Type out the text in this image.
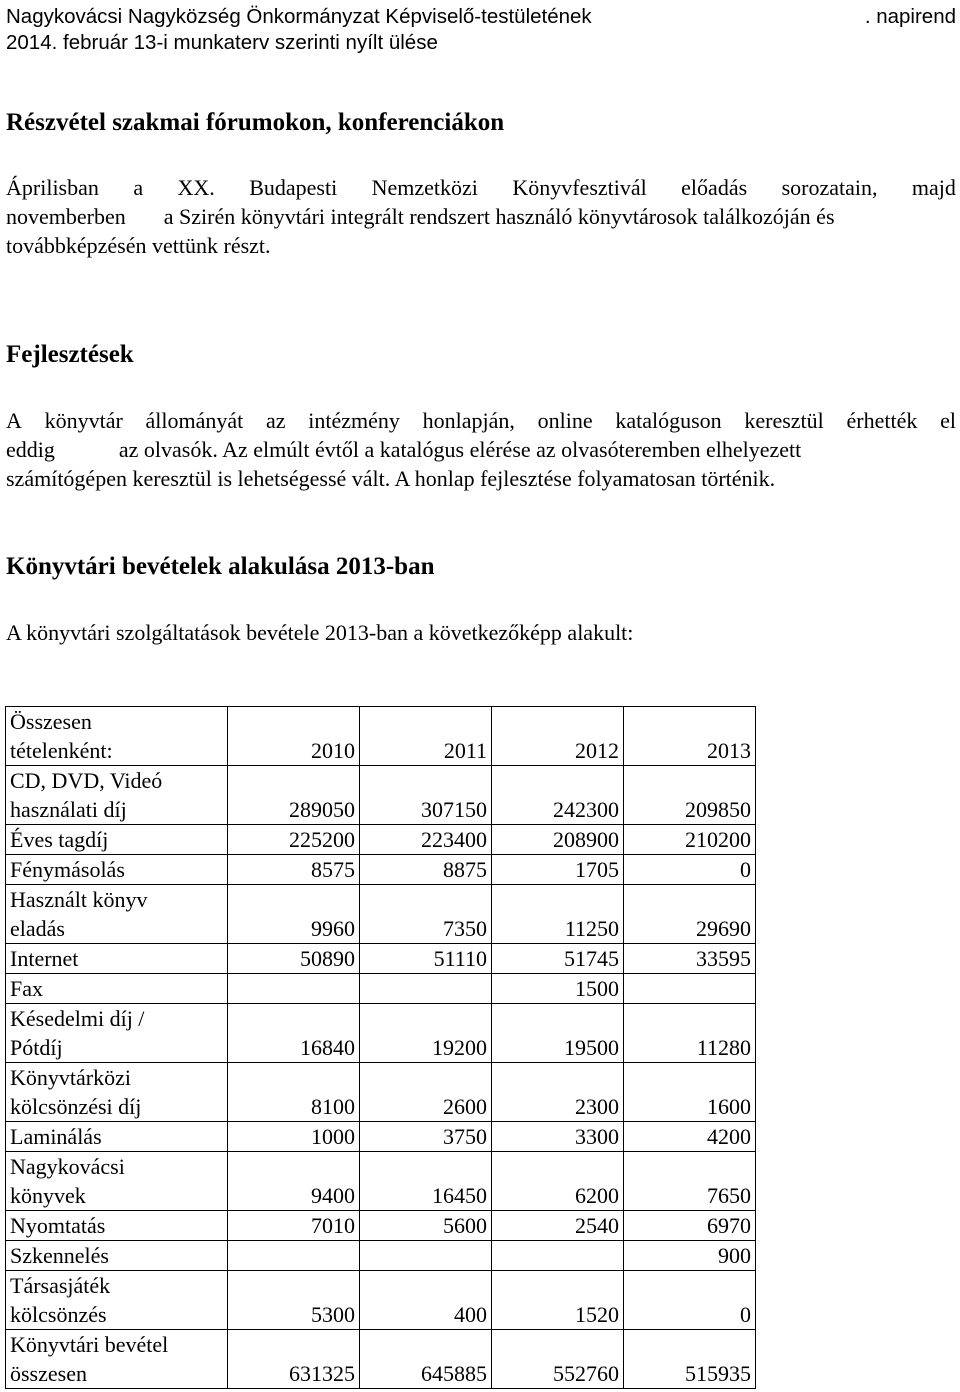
Nagykovácsi Nagyközség Önkormányzat Képviselő-testületének	. napirend
2014. február 13-i munkaterv szerinti nyílt ülése
Részvétel szakmai fórumokon, konferenciákon
Áprilisban a XX. Budapesti Nemzetközi Könyvfesztivál előadás sorozatain, majd
novemberben a Szirén könyvtári integrált rendszert használó könyvtárosok találkozóján és
továbbképzésén vettünk részt.
Fejlesztések
A könyvtár állományát az intézmény honlapján, online katalóguson keresztül érhették el
eddig	az olvasók. Az elmúlt évtől a katalógus elérése az olvasóteremben elhelyezett
számítógépen keresztül is lehetségessé vált. A honlap fejlesztése folyamatosan történik.
Könyvtári bevételek alakulása 2013-ban
A könyvtári szolgáltatások bevétele 2013-ban a következőképp alakult:
Összesen
tételenként:	2010	2011	2012	2013

CD, DVD, Videó
használati díj	289050	307150	242300	209850

Éves tagdíj	225200	223400	208900	210200

Fénymásolás	8575	8875	1705	0

Használt könyv
eladás	9960	7350	11250	29690

Internet	50890	51110	51745	33595

Fax			1500	

Késedelmi díj /
Pótdíj	16840	19200	19500	11280

Könyvtárközi
kölcsönzési díj	8100	2600	2300	1600

Laminálás	1000	3750	3300	4200

Nagykovácsi
könyvek	9400	16450	6200	7650

Nyomtatás	7010	5600	2540	6970

Szkennelés				900

Társasjáték
kölcsönzés	5300	400	1520	0

Könyvtári bevétel
összesen	631325	645885	552760	515935
